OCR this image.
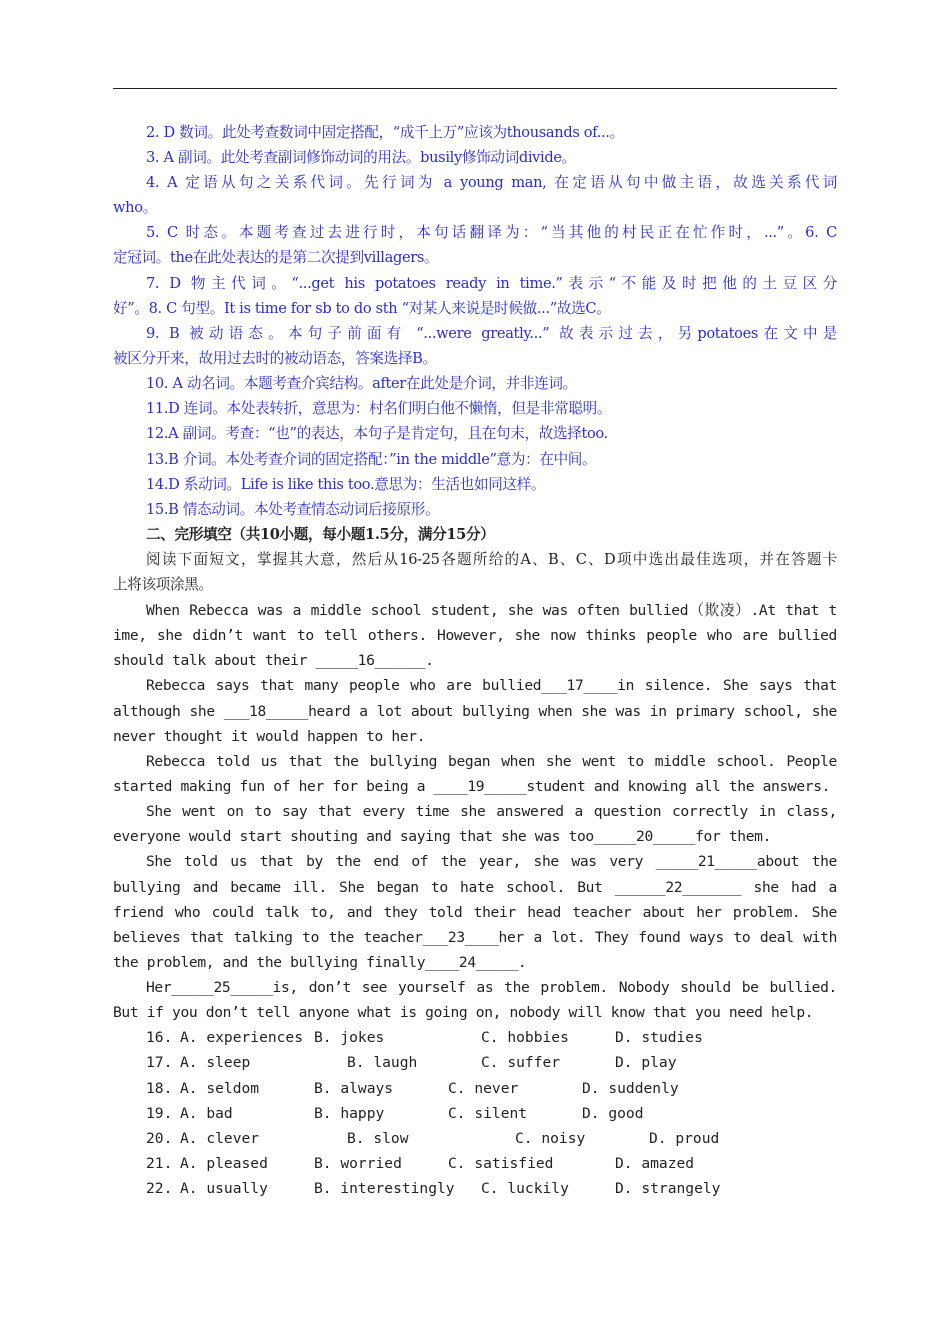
2. D 数词。此处考查数词中固定搭配，“成千上万”应该为thousands of...。
3. A 副词。此处考查副词修饰动词的用法。busily修饰动词divide。
4. A 定语从句之关系代词。先行词为 a young man, 在定语从句中做主语，故选关系代词
who。
5. C 时态。本题考查过去进行时，本句话翻译为：“当其他的村民正在忙作时，...”。6. C
定冠词。the在此处表达的是第二次提到villagers。
7. D 物主代词。“...get his potatoes ready in time.”表示“不能及时把他的土豆区分
好”。8. C 句型。It is time for sb to do sth “对某人来说是时候做...”故选C。
9. B 被动语态。本句子前面有 “...were greatly...” 故表示过去，另potatoes在文中是
被区分开来，故用过去时的被动语态，答案选择B。
10. A 动名词。本题考查介宾结构。after在此处是介词，并非连词。
11.D 连词。本处表转折，意思为：村名们明白他不懒惰，但是非常聪明。
12.A 副词。考查：“也”的表达，本句子是肯定句，且在句末，故选择too.
13.B 介词。本处考查介词的固定搭配：”in the middle”意为：在中间。
14.D 系动词。Life is like this too.意思为：生活也如同这样。
15.B 情态动词。本处考查情态动词后接原形。
二、完形填空（共10小题，每小题1.5分，满分15分）
阅读下面短文，掌握其大意，然后从16-25各题所给的A、B、C、D项中选出最佳选项，并在答题卡
上将该项涂黑。
When Rebecca was a middle school student, she was often bullied（欺凌）.At that t
ime, she didn’t want to tell others. However, she now thinks people who are bullied
should talk about their _____16______.
Rebecca says that many people who are bullied___17____in silence. She says that
although she ___18_____heard a lot about bullying when she was in primary school, she
never thought it would happen to her.
Rebecca told us that the bullying began when she went to middle school. People
started making fun of her for being a ____19_____student and knowing all the answers.
She went on to say that every time she answered a question correctly in class,
everyone would start shouting and saying that she was too_____20_____for them.
She told us that by the end of the year, she was very _____21_____about the
bullying and became ill. She began to hate school. But ______22_______ she had a
friend who could talk to, and they told their head teacher about her problem. She
believes that talking to the teacher___23____her a lot. They found ways to deal with
the problem, and the bullying finally____24_____.
Her_____25_____is, don’t see yourself as the problem. Nobody should be bullied.
But if you don’t tell anyone what is going on, nobody will know that you need help.
16. A. experiences B. jokes	C. hobbies	D. studies
17. A. sleep	B. laugh	C. suffer	D. play
18. A. seldom	B. always	C. never	D. suddenly
19. A. bad	B. happy	C. silent	D. good
20. A. clever	B. slow	C. noisy	D. proud
21. A. pleased	B. worried	C. satisfied	D. amazed
22. A. usually	B. interestingly C. luckily	D. strangely
